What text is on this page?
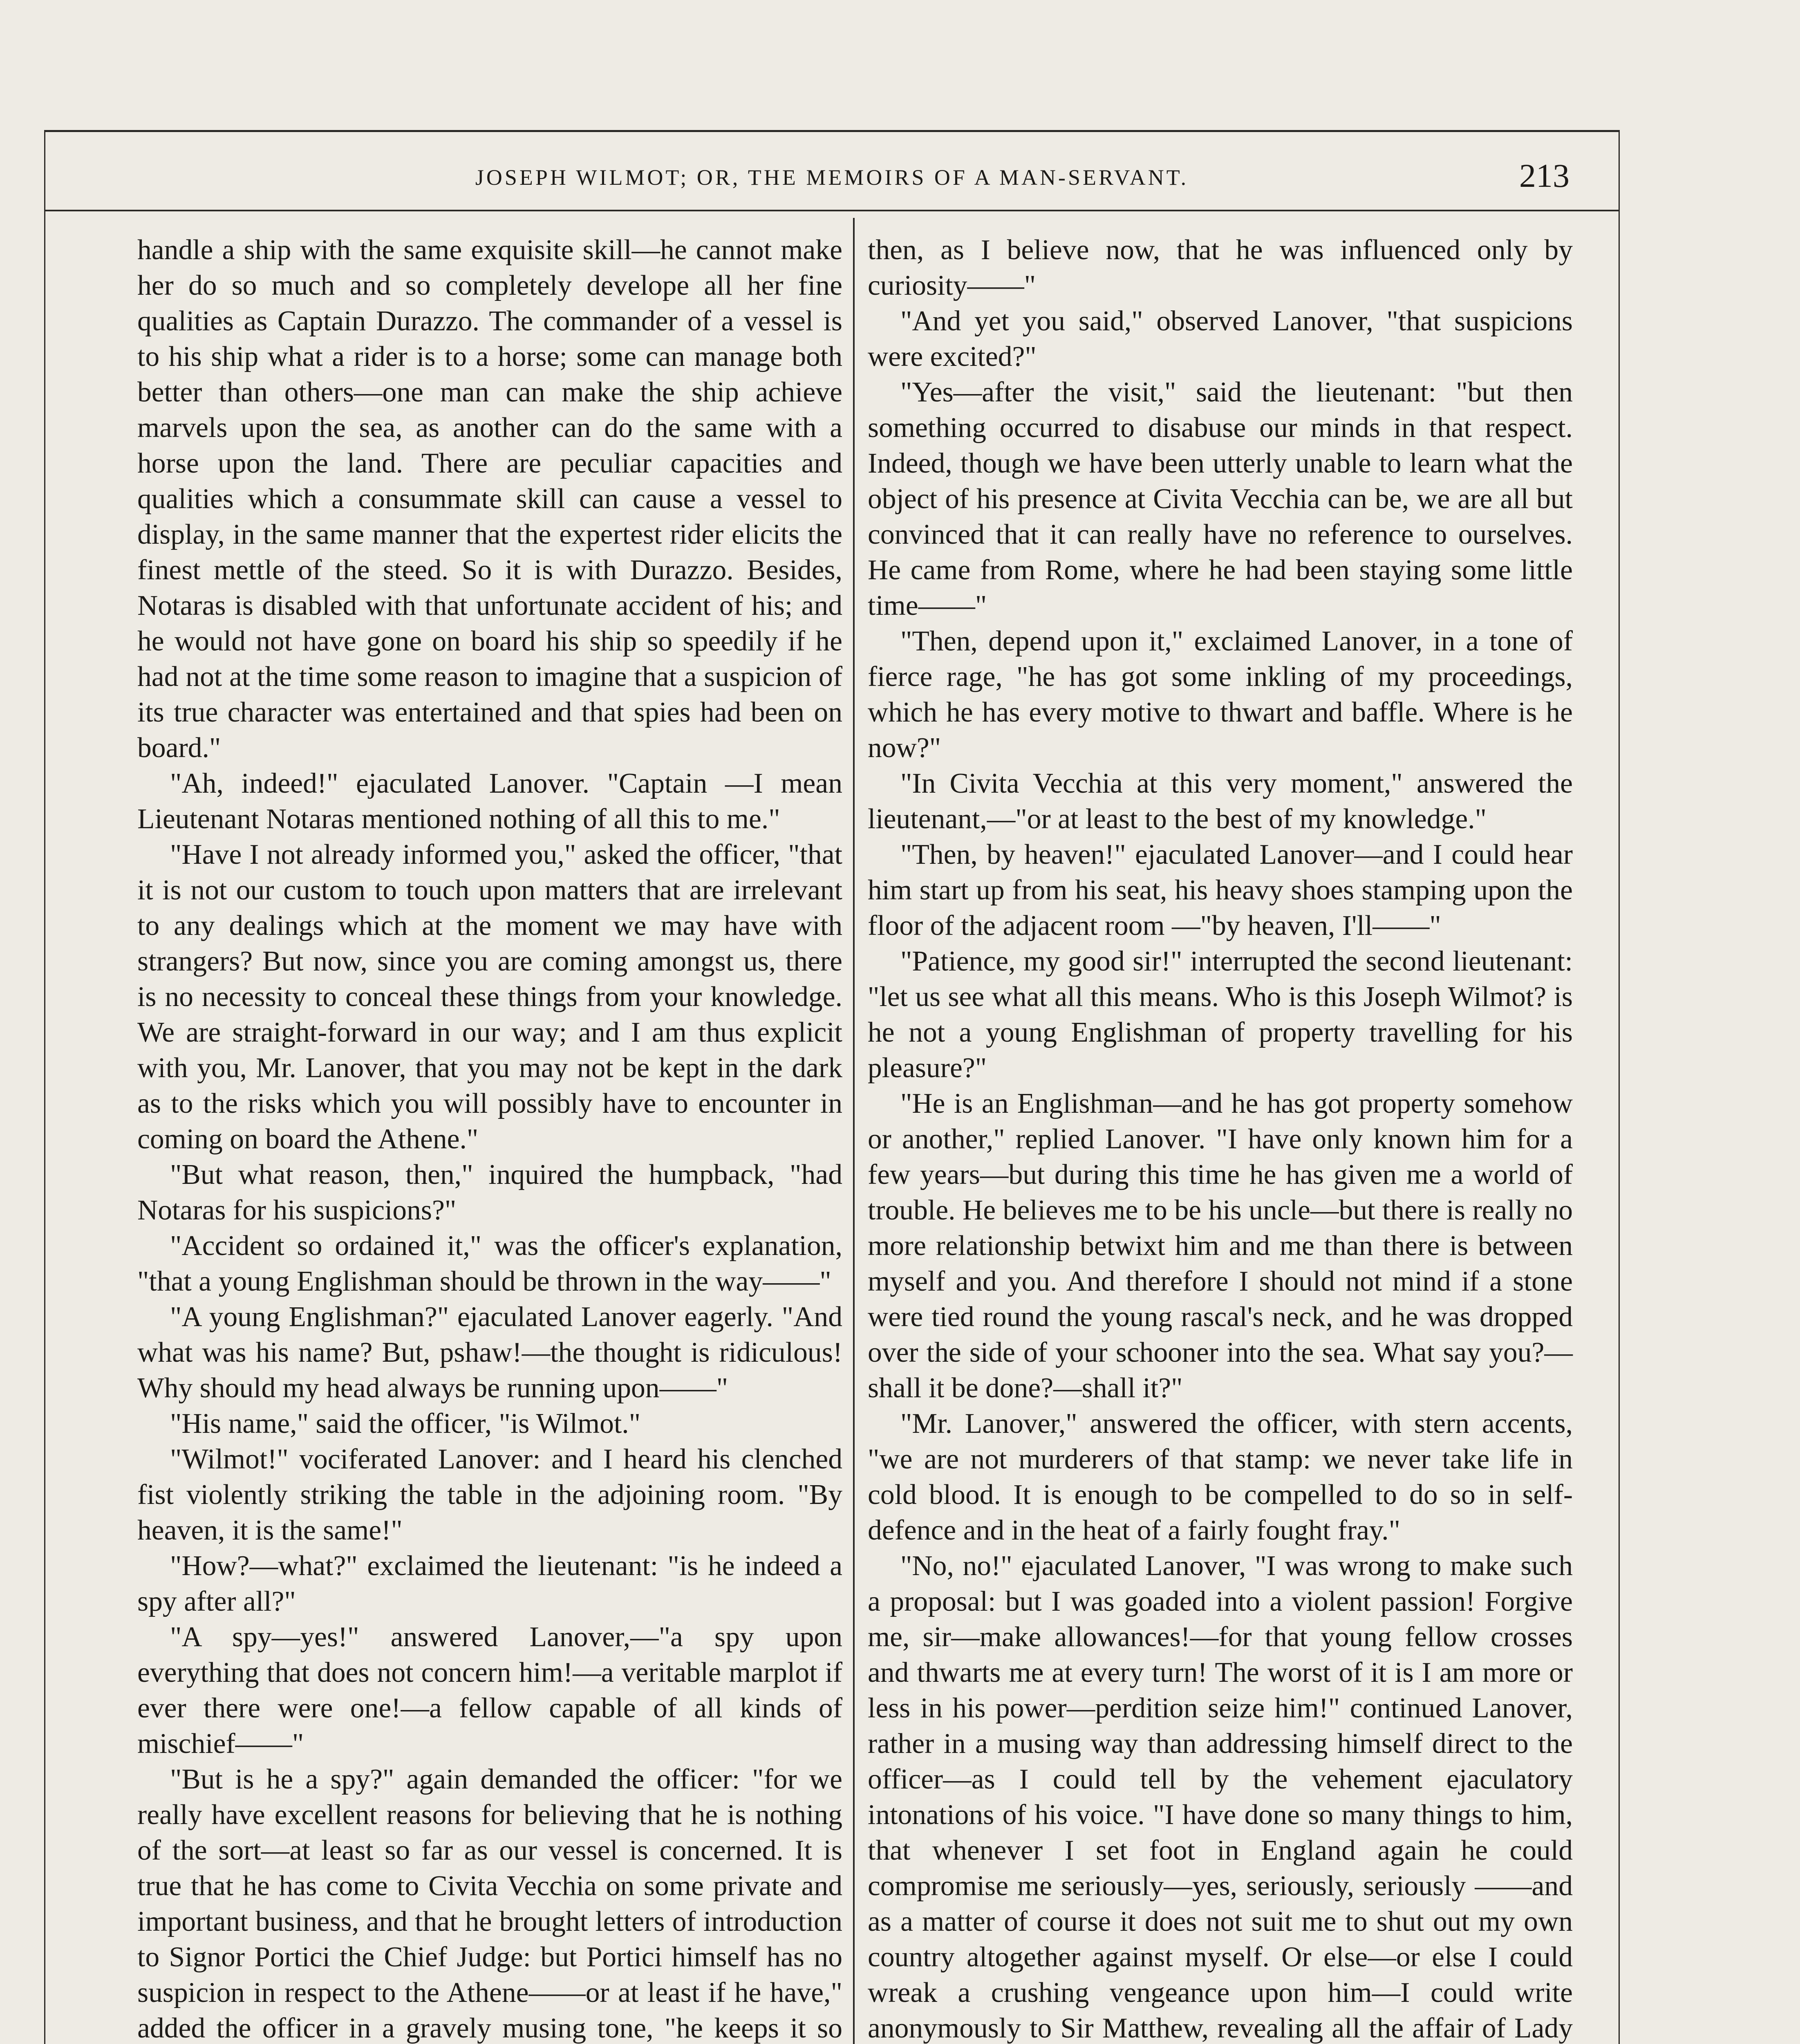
JOSEPH WILMOT; OR, THE MEMOIRS OF A MAN-SERVANT.	213

handle a ship with the same exquisite skill—he cannot make her do so much and so completely develope all her fine qualities as Captain Durazzo. The commander of a vessel is to his ship what a rider is to a horse; some can manage both better than others—one man can make the ship achieve marvels upon the sea, as another can do the same with a horse upon the land. There are peculiar capacities and qualities which a consummate skill can cause a vessel to display, in the same manner that the expertest rider elicits the finest mettle of the steed. So it is with Durazzo. Besides, Notaras is disabled with that unfortunate accident of his; and he would not have gone on board his ship so speedily if he had not at the time some reason to imagine that a suspicion of its true character was entertained and that spies had been on board."

"Ah, indeed!" ejaculated Lanover. "Captain —I mean Lieutenant Notaras mentioned nothing of all this to me."

"Have I not already informed you," asked the officer, "that it is not our custom to touch upon matters that are irrelevant to any dealings which at the moment we may have with strangers? But now, since you are coming amongst us, there is no necessity to conceal these things from your knowledge. We are straight-forward in our way; and I am thus explicit with you, Mr. Lanover, that you may not be kept in the dark as to the risks which you will possibly have to encounter in coming on board the Athene."

"But what reason, then," inquired the humpback, "had Notaras for his suspicions?"

"Accident so ordained it," was the officer's explanation, "that a young Englishman should be thrown in the way——"

"A young Englishman?" ejaculated Lanover eagerly. "And what was his name? But, pshaw!—the thought is ridiculous! Why should my head always be running upon——"

"His name," said the officer, "is Wilmot."

"Wilmot!" vociferated Lanover: and I heard his clenched fist violently striking the table in the adjoining room. "By heaven, it is the same!"

"How?—what?" exclaimed the lieutenant: "is he indeed a spy after all?"

"A spy—yes!" answered Lanover,—"a spy upon everything that does not concern him!—a veritable marplot if ever there were one!—a fellow capable of all kinds of mischief——"

"But is he a spy?" again demanded the officer: "for we really have excellent reasons for believing that he is nothing of the sort—at least so far as our vessel is concerned. It is true that he has come to Civita Vecchia on some private and important business, and that he brought letters of introduction to Signor Portici the Chief Judge: but Portici himself has no suspicion in respect to the Athene——or at least if he have," added the officer in a gravely musing tone, "he keeps it so

then, as I believe now, that he was influenced only by curiosity——"

"And yet you said," observed Lanover, "that suspicions were excited?"

"Yes—after the visit," said the lieutenant: "but then something occurred to disabuse our minds in that respect. Indeed, though we have been utterly unable to learn what the object of his presence at Civita Vecchia can be, we are all but convinced that it can really have no reference to ourselves. He came from Rome, where he had been staying some little time——"

"Then, depend upon it," exclaimed Lanover, in a tone of fierce rage, "he has got some inkling of my proceedings, which he has every motive to thwart and baffle. Where is he now?"

"In Civita Vecchia at this very moment," answered the lieutenant,—"or at least to the best of my knowledge."

"Then, by heaven!" ejaculated Lanover—and I could hear him start up from his seat, his heavy shoes stamping upon the floor of the adjacent room —"by heaven, I'll——"

"Patience, my good sir!" interrupted the second lieutenant: "let us see what all this means. Who is this Joseph Wilmot? is he not a young Englishman of property travelling for his pleasure?"

"He is an Englishman—and he has got property somehow or another," replied Lanover. "I have only known him for a few years—but during this time he has given me a world of trouble. He believes me to be his uncle—but there is really no more relationship betwixt him and me than there is between myself and you. And therefore I should not mind if a stone were tied round the young rascal's neck, and he was dropped over the side of your schooner into the sea. What say you?—shall it be done?—shall it?"

"Mr. Lanover," answered the officer, with stern accents, "we are not murderers of that stamp: we never take life in cold blood. It is enough to be compelled to do so in self-defence and in the heat of a fairly fought fray."

"No, no!" ejaculated Lanover, "I was wrong to make such a proposal: but I was goaded into a violent passion! Forgive me, sir—make allowances!—for that young fellow crosses and thwarts me at every turn! The worst of it is I am more or less in his power—perdition seize him!" continued Lanover, rather in a musing way than addressing himself direct to the officer—as I could tell by the vehement ejaculatory intonations of his voice. "I have done so many things to him, that whenever I set foot in England again he could compromise me seriously—yes, seriously, seriously ——and as a matter of course it does not suit me to shut out my own country altogether against myself. Or else—or else I could wreak a crushing vengeance upon him—I could write anonymously to Sir Matthew, revealing all the affair of Lady
